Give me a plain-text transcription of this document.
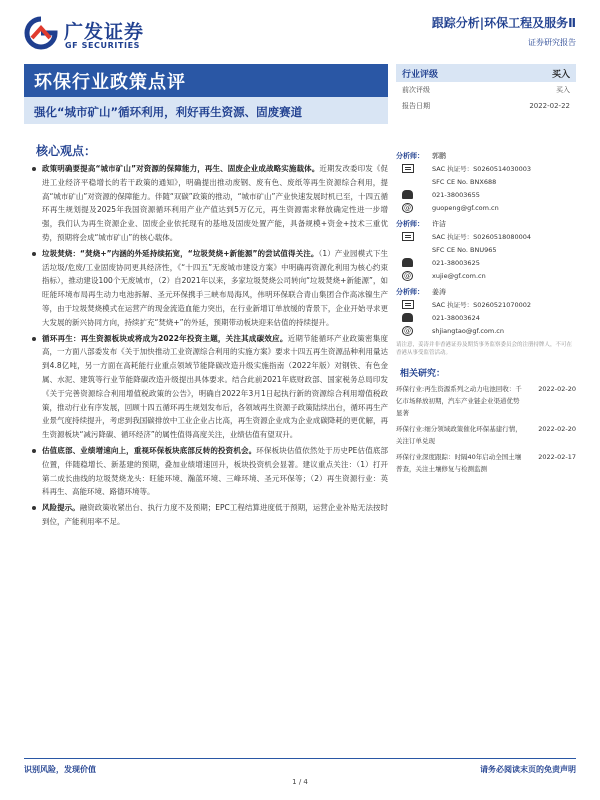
广发证券
GF SECURITIES
跟踪分析|环保工程及服务Ⅱ
证券研究报告
环保行业政策点评
强化“城市矿山”循环利用，利好再生资源、固废赛道
行业评级	买入
前次评级	买入
报告日期	2022-02-22
核心观点：
政策明确要提高“城市矿山”对资源的保障能力，再生、固废企业成战略实施载体。近期发改委印发《促进工业经济平稳增长的若干政策的通知》，明确提出推动废钢、废有色、废纸等再生资源综合利用，提高“城市矿山”对资源的保障能力。伴随“双碳”政策的推动，“城市矿山”产业快速发展时机已至，十四五循环再生规划提及2025年我国资源循环利用产业产值达到5万亿元，再生资源需求释放确定性进一步增强，我们认为再生资源企业、固废企业依托现有的基地及固废处置产能，具备规模+资金+技术三重优势，预期将会成“城市矿山”的核心载体。
垃圾焚烧：“焚烧+”内涵的外延持续拓宽，“垃圾焚烧+新能源”的尝试值得关注。（1）产业园模式下生活垃圾/危废/工业固废协同更具经济性，《“十四五”无废城市建设方案》中明确再资源化利用为核心约束指标），推动建设100个无废城市，（2）自2021年以来，多家垃圾焚烧公司转向“垃圾焚烧+新能源”，如旺能环境布局再生动力电池拆解、圣元环保携手三峡布局海风，伟明环保联合青山集团合作高冰镍生产等，由于垃圾焚烧模式在运营产的现金流造血能力突出，在行业新增订单放缓的背景下，企业开始寻求更大发展的新兴协同方向，持续扩充“焚烧+”的外延，预期带动板块迎来估值的持续提升。
循环再生：再生资源板块或将成为2022年投资主题，关注其成碳效应。近期节能循环产业政策密集度高，一方面八部委发布《关于加快推动工业资源综合利用的实施方案》要求十四五再生资源品种利用量达到4.8亿吨，另一方面在高耗能行业重点领域节能降碳改造升级实施指南（2022年版）对钢铁、有色金属、水泥、建筑等行业节能降碳改造升级提出具体要求。结合此前2021年底财政部、国家税务总局印发《关于完善资源综合利用增值税政策的公告》，明确自2022年3月1日起执行新的资源综合利用增值税政策，推动行业有序发展，回顾十四五循环再生规划发布后，各领域再生资源子政策陆续出台，循环再生产业景气度持续提升，考虑到我国碳排放中工业企业占比高，再生资源企业成为企业成碳降耗的更优解，再生资源板块“减污降碳、循环经济”的属性值得高度关注，业绩估值有望双升。
估值底部、业绩增速向上，重视环保板块底部反转的投资机会。环保板块估值依然处于历史PE估值底部位置，伴随稳增长、新基建的预期，叠加业绩增速回升，板块投资机会显著。建议重点关注：（1）打开第二成长曲线的垃圾焚烧龙头：旺能环境、瀚蓝环境、三峰环境、圣元环保等；（2）再生资源行业：英科再生、高能环境、路德环境等。
风险提示。融资政策收紧出台、执行力度不及预期；EPC工程结算进度低于预期，运营企业补贴无法按时到位，产能利用率不足。
分析师：	郭鹏
SAC 执证号：S0260514030003
SFC CE No. BNX688
021-38003655
@	guopeng@gf.com.cn
分析师：	许洁
SAC 执证号：S0260518080004
SFC CE No. BNU965
021-38003625
@	xujie@gf.com.cn
分析师：	姜涛
SAC 执证号：S0260521070002
021-38003624
@	shjiangtao@gf.com.cn
请注意，姜涛并非香港证券及期货事务监察委员会的注册持牌人，不可在香港从事受监管活动。
相关研究：
环保行业:再生资源系列之动力电池回收：千亿市场释放初期，汽车产业链企业渠道优势显著
2022-02-20
环保行业:细分领域政策催化环保基建行情，关注订单兑现
2022-02-20
环保行业深度跟踪：时隔40年启动全国土壤普查，关注土壤修复与检测监测
2022-02-17
识别风险，发现价值	请务必阅读末页的免责声明
1 / 4
